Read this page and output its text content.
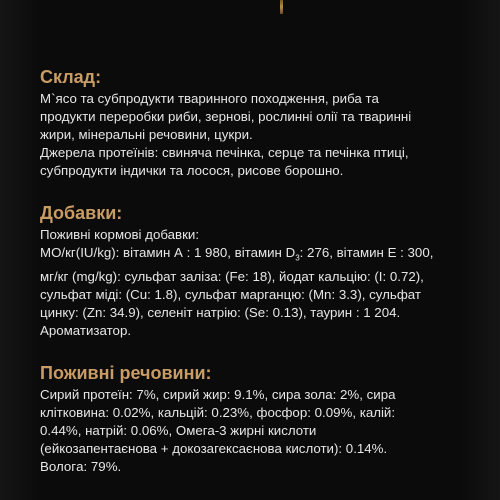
Склад:

М`ясо та субпродукти тваринного походження, риба та
продукти переробки риби, зернові, рослинні олії та тваринні
жири, мінеральні речовини, цукри.
Джерела протеїнів: свиняча печінка, серце та печінка птиці,
субпродукти індички та лосося, рисове борошно.

Добавки:

Поживні кормові добавки:
МО/кг(IU/kg): вітамин А : 1 980, вітамин $D_3$: 276, вітамин Е : 300,
мг/кг (mg/kg): сульфат заліза: (Fe: 18), йодат кальцію: (I: 0.72),
сульфат міді: (Cu: 1.8), сульфат марганцю: (Mn: 3.3), сульфат
цинку: (Zn: 34.9), селеніт натрію: (Se: 0.13), таурин : 1 204.
Ароматизатор.

Поживні речовини:

Сирий протеїн: 7%, сирий жир: 9.1%, сира зола: 2%, сира
клітковина: 0.02%, кальцій: 0.23%, фосфор: 0.09%, калій:
0.44%, натрій: 0.06%, Омега-3 жирні кислоти
(ейкозапентаєнова + докозагексаєнова кислоти): 0.14%.
Вологa: 79%.
